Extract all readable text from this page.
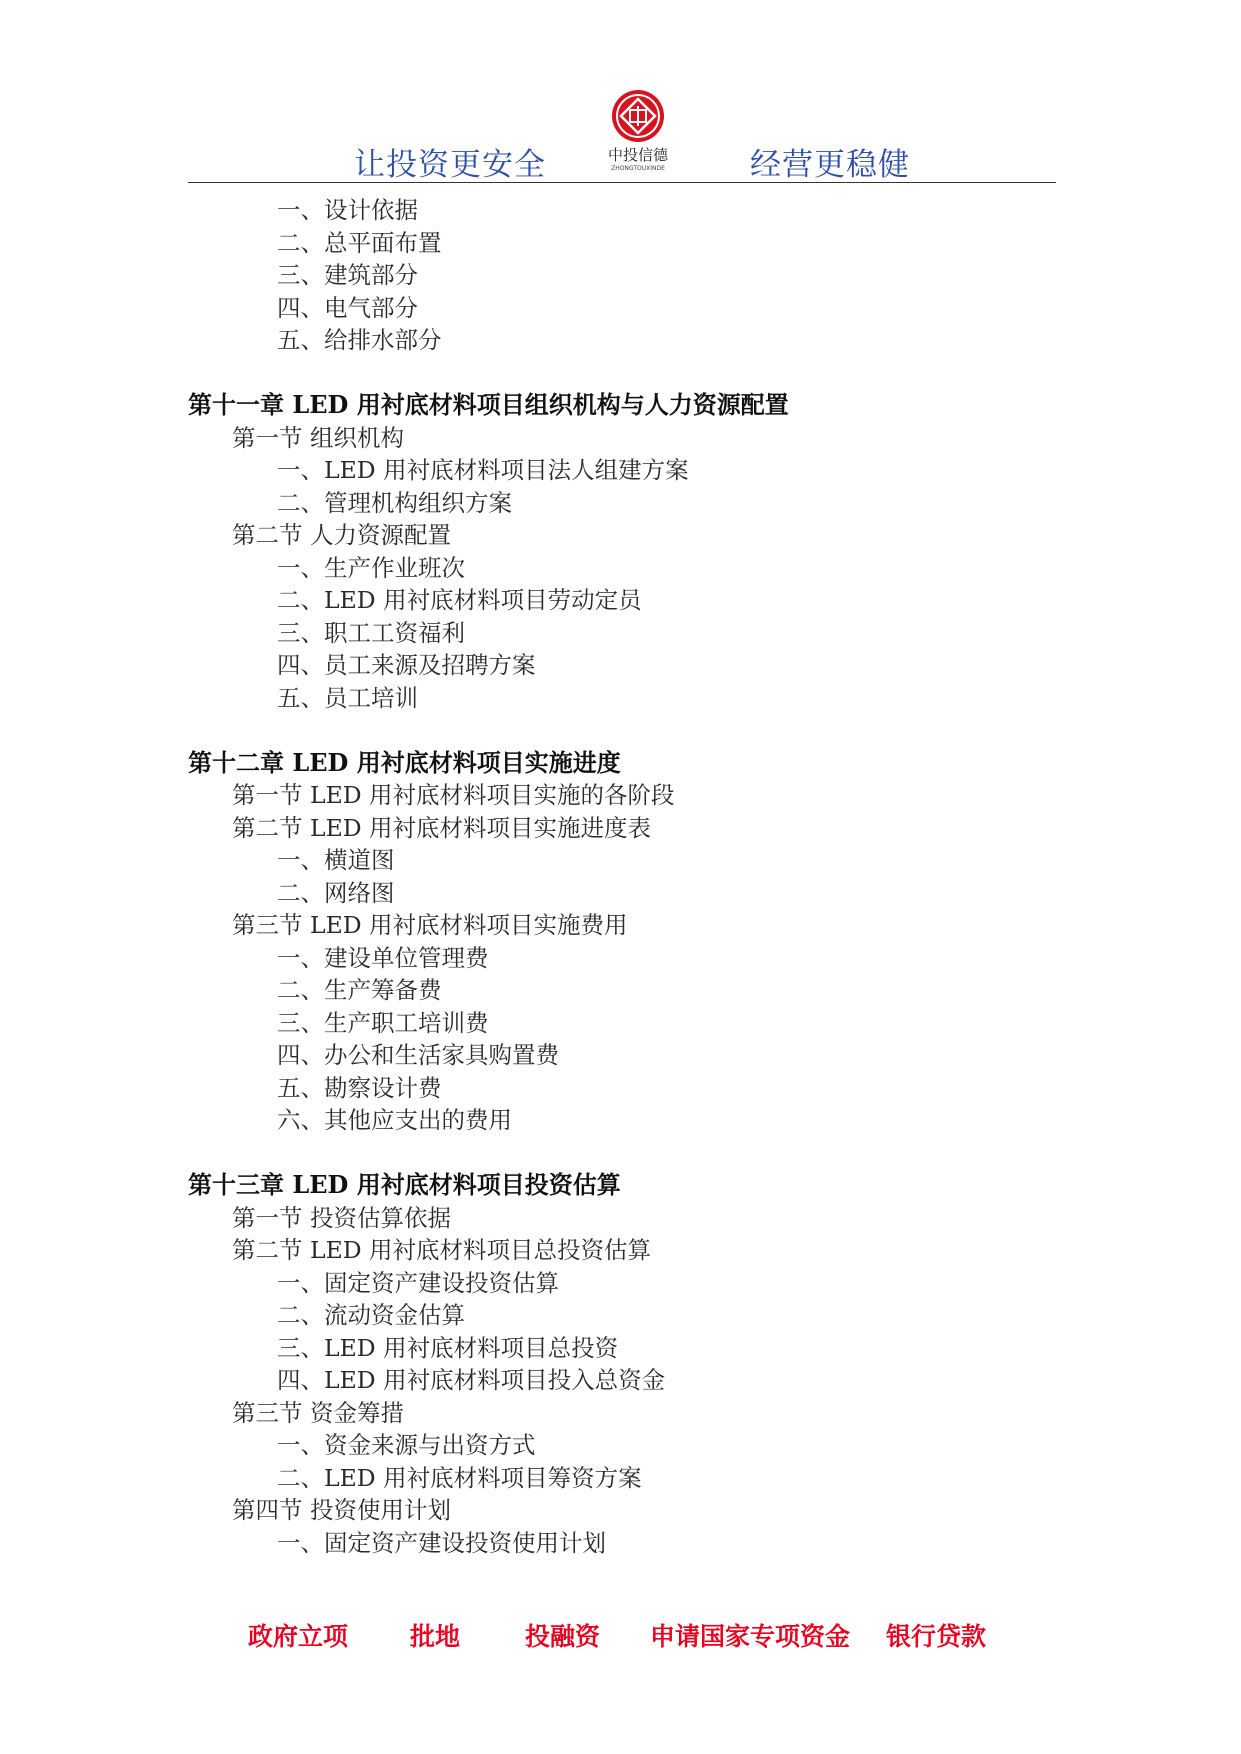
让投资更安全	中投信德
ZHONGTOUXINDE	经营更稳健
一、设计依据
二、总平面布置
三、建筑部分
四、电气部分
五、给排水部分
第十一章 LED 用衬底材料项目组织机构与人力资源配置
第一节 组织机构
一、LED 用衬底材料项目法人组建方案
二、管理机构组织方案
第二节 人力资源配置
一、生产作业班次
二、LED 用衬底材料项目劳动定员
三、职工工资福利
四、员工来源及招聘方案
五、员工培训
第十二章 LED 用衬底材料项目实施进度
第一节 LED 用衬底材料项目实施的各阶段
第二节 LED 用衬底材料项目实施进度表
一、横道图
二、网络图
第三节 LED 用衬底材料项目实施费用
一、建设单位管理费
二、生产筹备费
三、生产职工培训费
四、办公和生活家具购置费
五、勘察设计费
六、其他应支出的费用
第十三章 LED 用衬底材料项目投资估算
第一节 投资估算依据
第二节 LED 用衬底材料项目总投资估算
一、固定资产建设投资估算
二、流动资金估算
三、LED 用衬底材料项目总投资
四、LED 用衬底材料项目投入总资金
第三节 资金筹措
一、资金来源与出资方式
二、LED 用衬底材料项目筹资方案
第四节 投资使用计划
一、固定资产建设投资使用计划
政府立项 批地	投融资 申请国家专项资金 银行贷款
